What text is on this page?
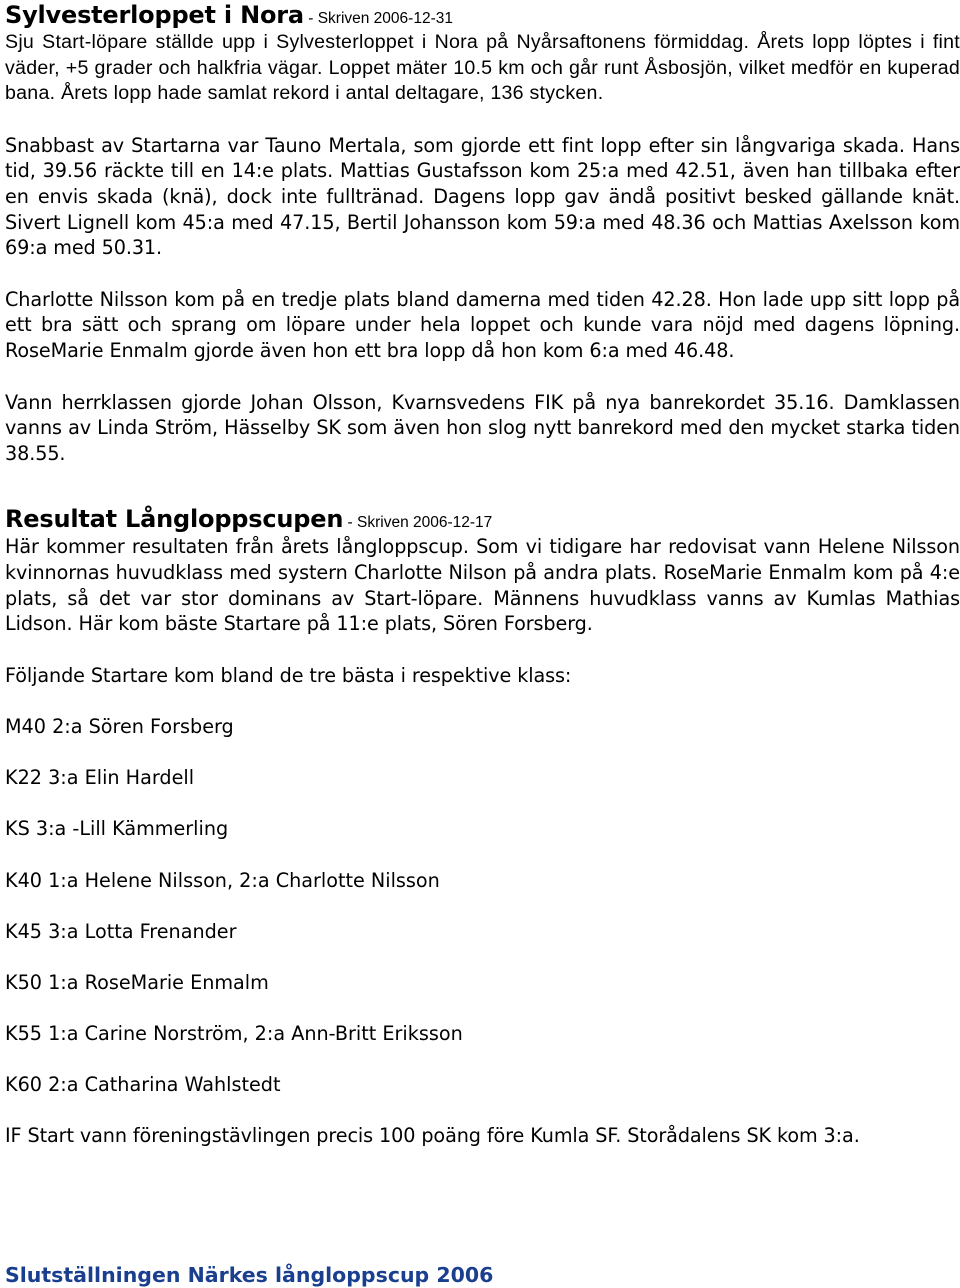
Sylvesterloppet i Nora - Skriven 2006-12-31

Sju Start-löpare ställde upp i Sylvesterloppet i Nora på Nyårsaftonens förmiddag. Årets lopp löptes i fint väder, +5 grader och halkfria vägar. Loppet mäter 10.5 km och går runt Åsbosjön, vilket medför en kuperad bana. Årets lopp hade samlat rekord i antal deltagare, 136 stycken.

Snabbast av Startarna var Tauno Mertala, som gjorde ett fint lopp efter sin långvariga skada. Hans tid, 39.56 räckte till en 14:e plats. Mattias Gustafsson kom 25:a med 42.51, även han tillbaka efter en envis skada (knä), dock inte fulltränad. Dagens lopp gav ändå positivt besked gällande knät. Sivert Lignell kom 45:a med 47.15, Bertil Johansson kom 59:a med 48.36 och Mattias Axelsson kom 69:a med 50.31.

Charlotte Nilsson kom på en tredje plats bland damerna med tiden 42.28. Hon lade upp sitt lopp på ett bra sätt och sprang om löpare under hela loppet och kunde vara nöjd med dagens löpning. RoseMarie Enmalm gjorde även hon ett bra lopp då hon kom 6:a med 46.48.

Vann herrklassen gjorde Johan Olsson, Kvarnsvedens FIK på nya banrekordet 35.16. Damklassen vanns av Linda Ström, Hässelby SK som även hon slog nytt banrekord med den mycket starka tiden 38.55.

Resultat Långloppscupen - Skriven 2006-12-17

Här kommer resultaten från årets långloppscup. Som vi tidigare har redovisat vann Helene Nilsson kvinnornas huvudklass med systern Charlotte Nilson på andra plats. RoseMarie Enmalm kom på 4:e plats, så det var stor dominans av Start-löpare. Männens huvudklass vanns av Kumlas Mathias Lidson. Här kom bäste Startare på 11:e plats, Sören Forsberg.

Följande Startare kom bland de tre bästa i respektive klass:

M40 2:a Sören Forsberg

K22 3:a Elin Hardell

KS 3:a -Lill Kämmerling

K40 1:a Helene Nilsson, 2:a Charlotte Nilsson

K45 3:a Lotta Frenander

K50 1:a RoseMarie Enmalm

K55 1:a Carine Norström, 2:a Ann-Britt Eriksson

K60 2:a Catharina Wahlstedt

IF Start vann föreningstävlingen precis 100 poäng före Kumla SF. Storådalens SK kom 3:a.

Slutställningen Närkes långloppscup 2006
